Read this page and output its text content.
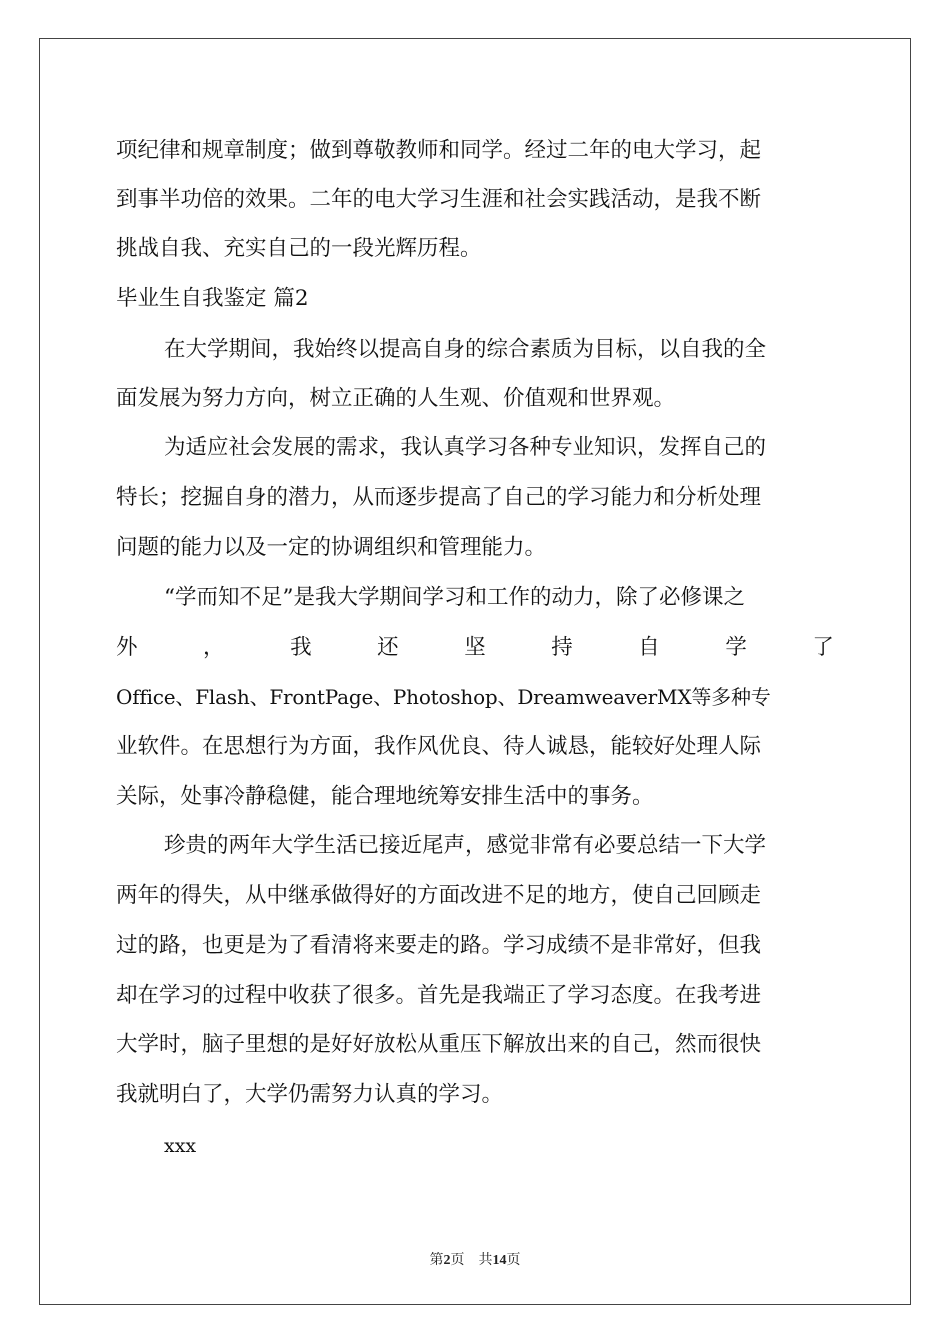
项纪律和规章制度；做到尊敬教师和同学。经过二年的电大学习，起
到事半功倍的效果。二年的电大学习生涯和社会实践活动，是我不断
挑战自我、充实自己的一段光辉历程。
毕业生自我鉴定 篇2
在大学期间，我始终以提高自身的综合素质为目标，以自我的全
面发展为努力方向，树立正确的人生观、价值观和世界观。
为适应社会发展的需求，我认真学习各种专业知识，发挥自己的
特长；挖掘自身的潜力，从而逐步提高了自己的学习能力和分析处理
问题的能力以及一定的协调组织和管理能力。
“学而知不足”是我大学期间学习和工作的动力，除了必修课之
外	，	我	还	坚	持	自	学	了
Office、Flash、FrontPage、Photoshop、DreamweaverMX等多种专
业软件。在思想行为方面，我作风优良、待人诚恳，能较好处理人际
关际，处事冷静稳健，能合理地统筹安排生活中的事务。
珍贵的两年大学生活已接近尾声，感觉非常有必要总结一下大学
两年的得失，从中继承做得好的方面改进不足的地方，使自己回顾走
过的路，也更是为了看清将来要走的路。学习成绩不是非常好，但我
却在学习的过程中收获了很多。首先是我端正了学习态度。在我考进
大学时，脑子里想的是好好放松从重压下解放出来的自己，然而很快
我就明白了，大学仍需努力认真的学习。
xxx
第2页　共14页
